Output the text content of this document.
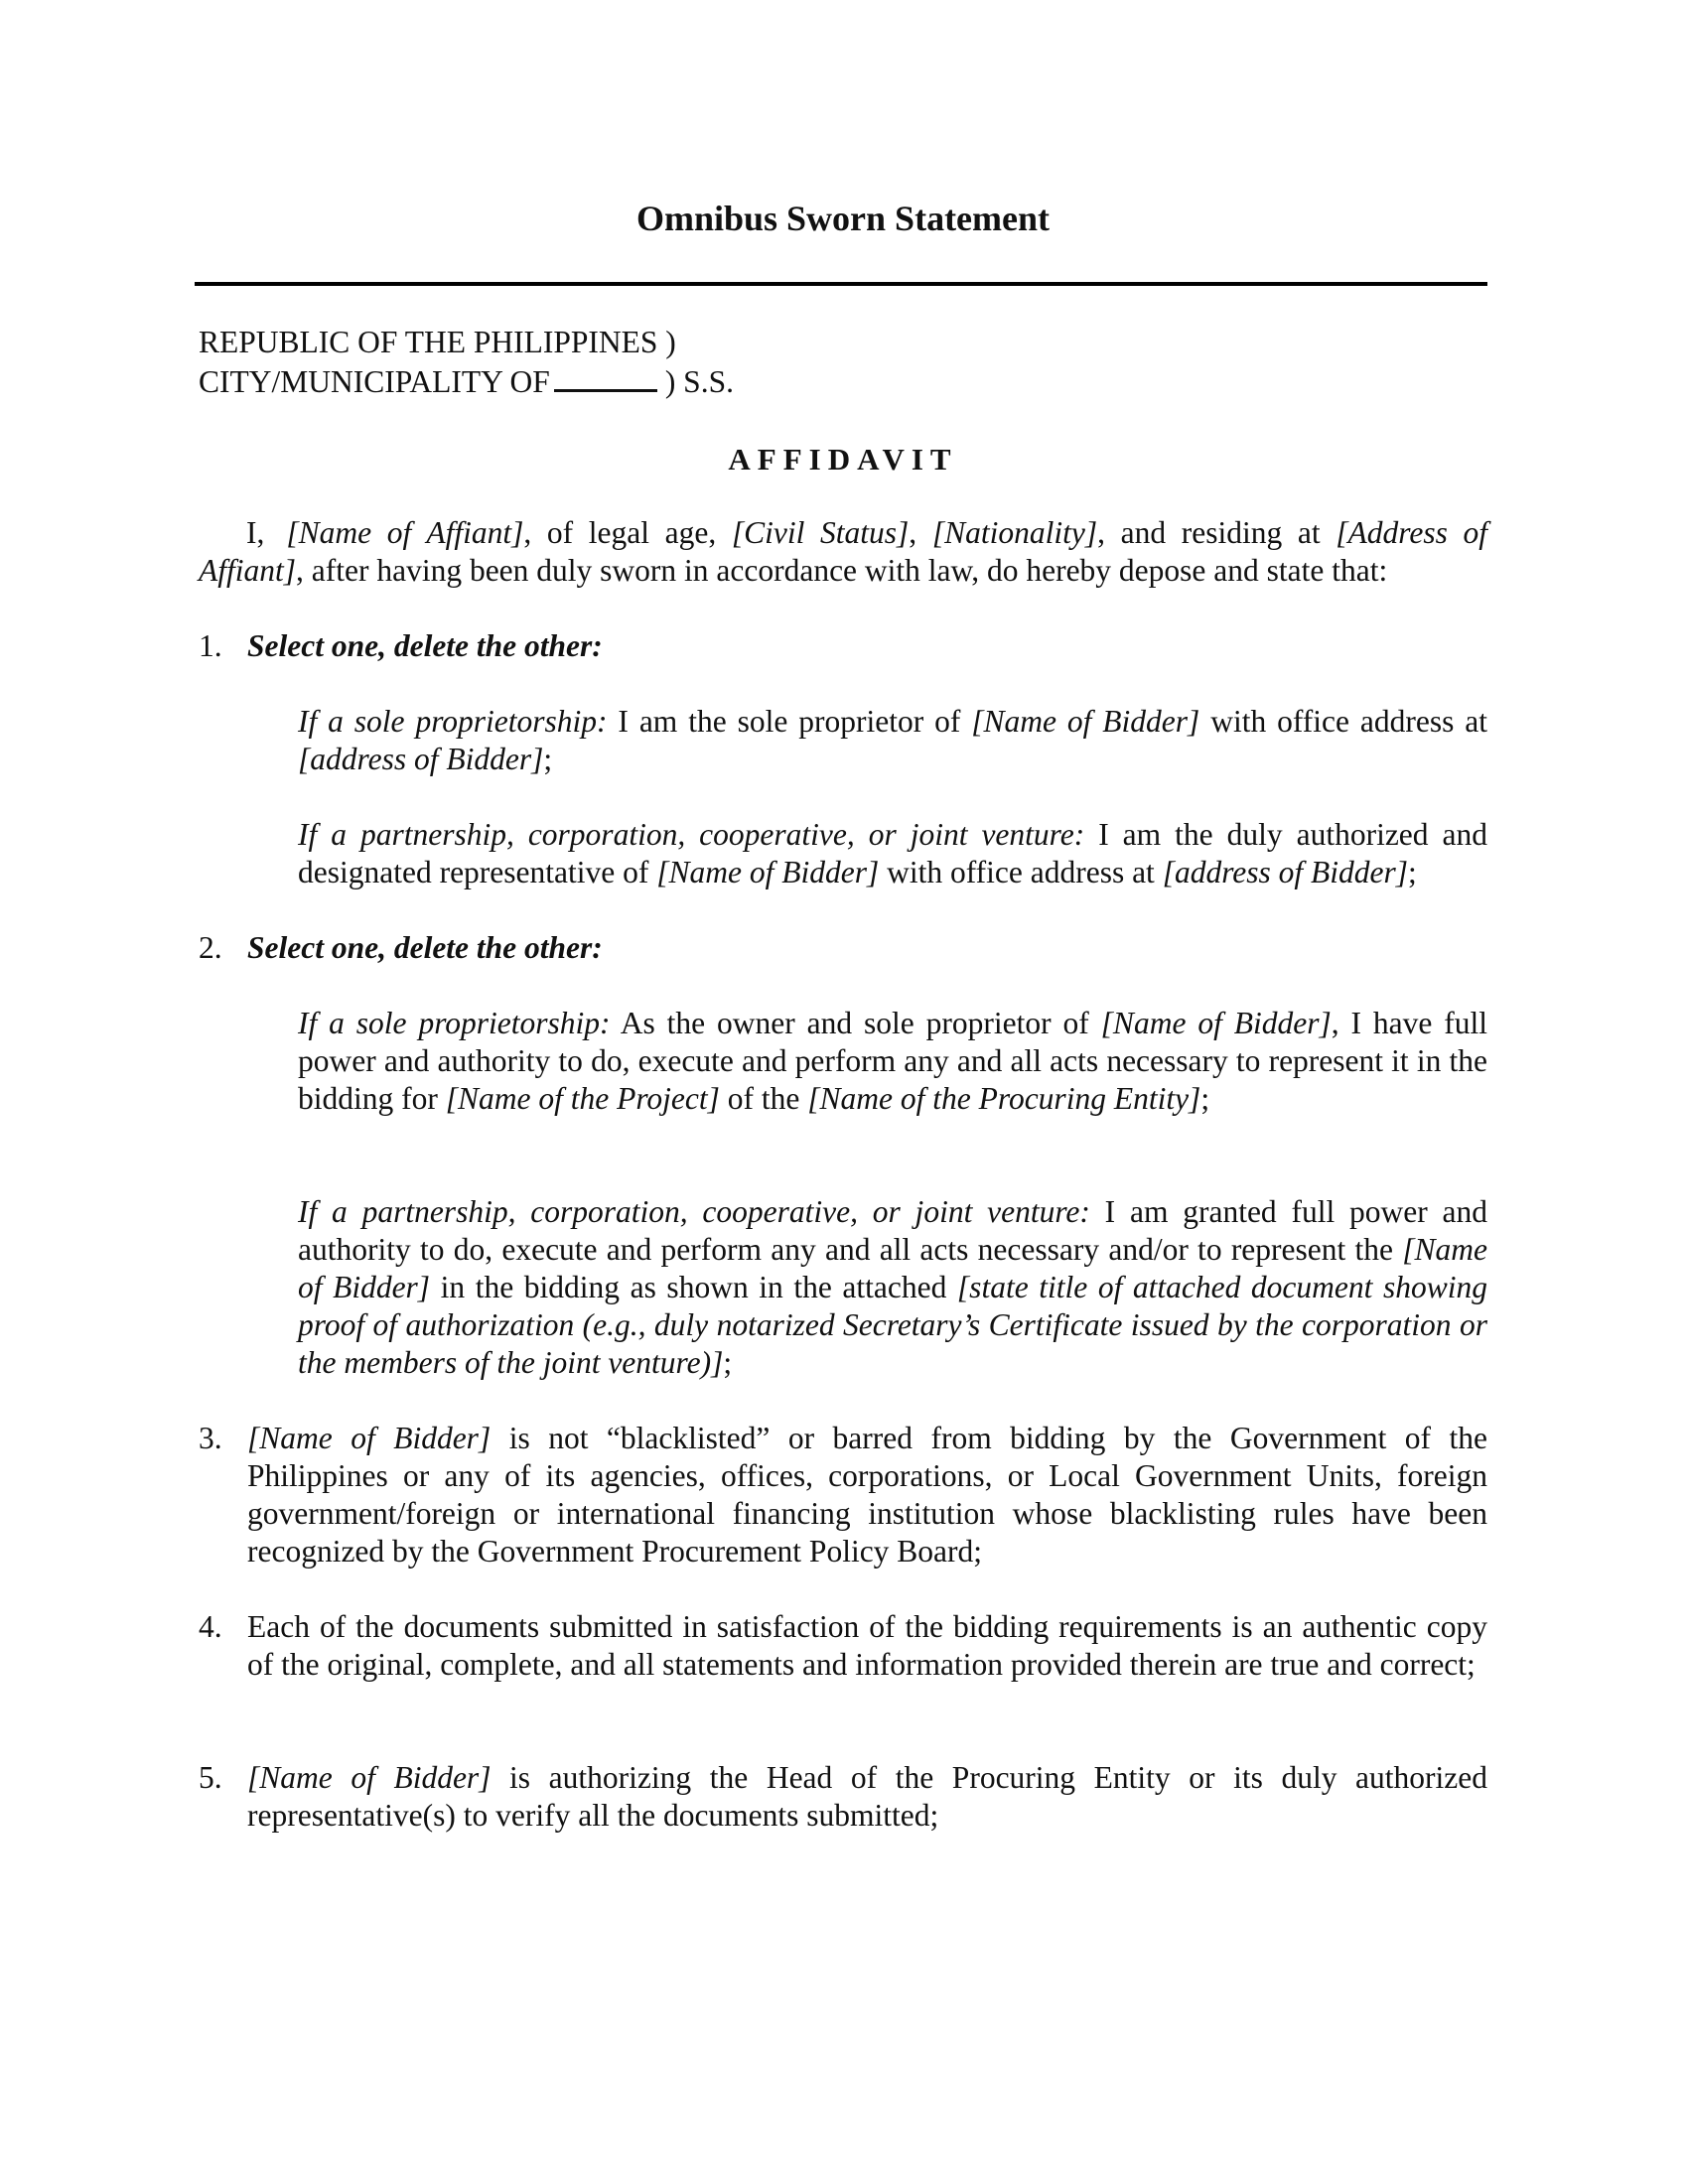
Omnibus Sworn Statement
REPUBLIC OF THE PHILIPPINES )
CITY/MUNICIPALITY OF	) S.S.
AFFIDAVIT
I, [Name of Affiant], of legal age, [Civil Status], [Nationality], and residing at [Address of Affiant], after having been duly sworn in accordance with law, do hereby depose and state that:
1. Select one, delete the other:
If a sole proprietorship: I am the sole proprietor of [Name of Bidder] with office address at [address of Bidder];
If a partnership, corporation, cooperative, or joint venture: I am the duly authorized and designated representative of [Name of Bidder] with office address at [address of Bidder];
2. Select one, delete the other:
If a sole proprietorship: As the owner and sole proprietor of [Name of Bidder], I have full power and authority to do, execute and perform any and all acts necessary to represent it in the bidding for [Name of the Project] of the [Name of the Procuring Entity];
If a partnership, corporation, cooperative, or joint venture: I am granted full power and authority to do, execute and perform any and all acts necessary and/or to represent the [Name of Bidder] in the bidding as shown in the attached [state title of attached document showing proof of authorization (e.g., duly notarized Secretary’s Certificate issued by the corporation or the members of the joint venture)];
3. [Name of Bidder] is not “blacklisted” or barred from bidding by the Government of the Philippines or any of its agencies, offices, corporations, or Local Government Units, foreign government/foreign or international financing institution whose blacklisting rules have been recognized by the Government Procurement Policy Board;
4. Each of the documents submitted in satisfaction of the bidding requirements is an authentic copy of the original, complete, and all statements and information provided therein are true and correct;
5. [Name of Bidder] is authorizing the Head of the Procuring Entity or its duly authorized representative(s) to verify all the documents submitted;
